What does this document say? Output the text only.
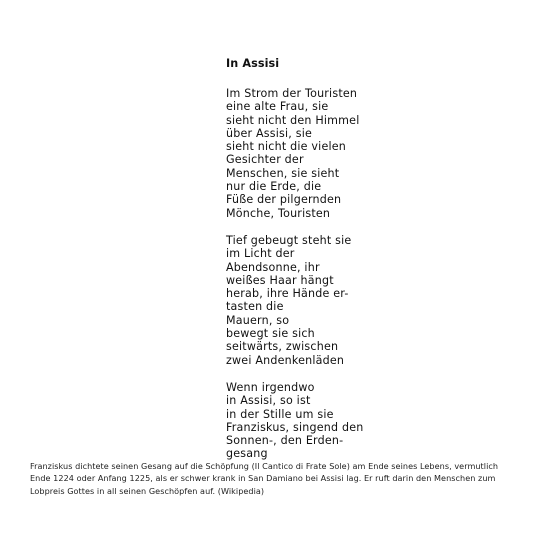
In Assisi
Im Strom der Touristen
eine alte Frau, sie
sieht nicht den Himmel
über Assisi, sie
sieht nicht die vielen
Gesichter der
Menschen, sie sieht
nur die Erde, die
Füße der pilgernden
Mönche, Touristen
Tief gebeugt steht sie
im Licht der
Abendsonne, ihr
weißes Haar hängt
herab, ihre Hände er-
tasten die
Mauern, so
bewegt sie sich
seitwärts, zwischen
zwei Andenkenläden
Wenn irgendwo
in Assisi, so ist
in der Stille um sie
Franziskus, singend den
Sonnen-, den Erden-
gesang
Franziskus dichtete seinen Gesang auf die Schöpfung (Il Cantico di Frate Sole) am Ende seines Lebens, vermutlich
Ende 1224 oder Anfang 1225, als er schwer krank in San Damiano bei Assisi lag. Er ruft darin den Menschen zum
Lobpreis Gottes in all seinen Geschöpfen auf. (Wikipedia)
